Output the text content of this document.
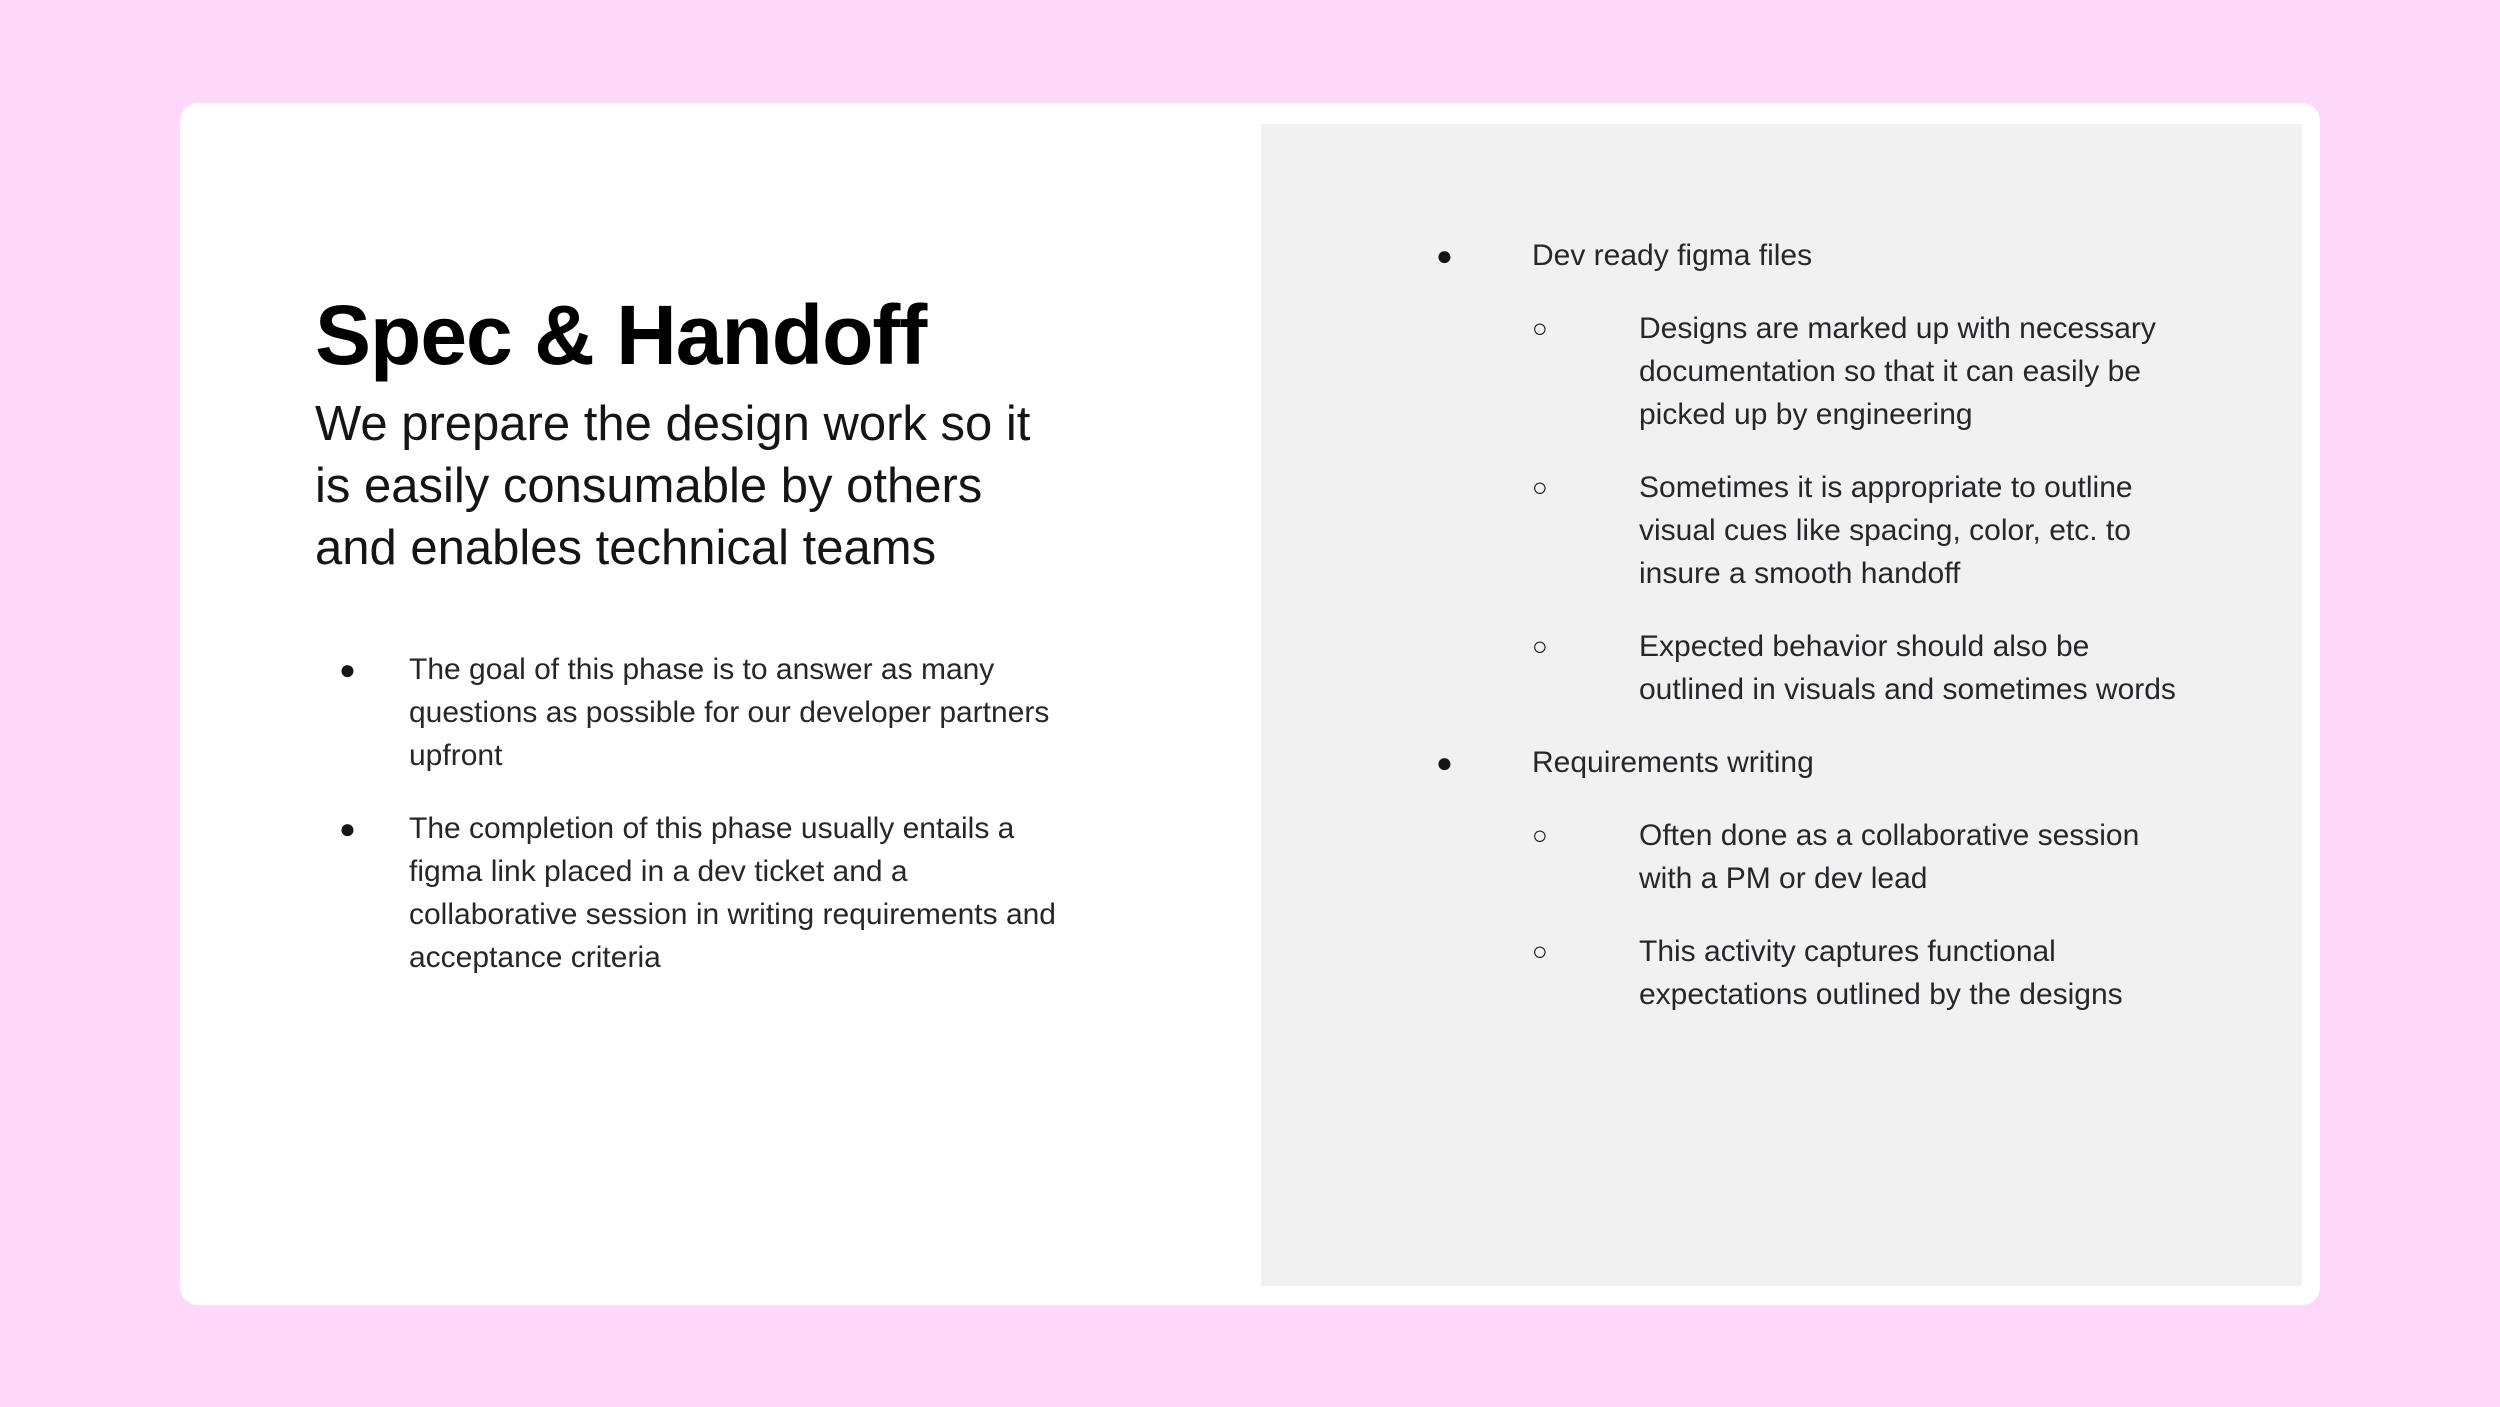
Spec & Handoff

We prepare the design work so it is easily consumable by others and enables technical teams

● The goal of this phase is to answer as many questions as possible for our developer partners upfront
● The completion of this phase usually entails a figma link placed in a dev ticket and a collaborative session in writing requirements and acceptance criteria
●	Dev ready figma files
○	Designs are marked up with necessary documentation so that it can easily be picked up by engineering
○	Sometimes it is appropriate to outline visual cues like spacing, color, etc. to insure a smooth handoff
○	Expected behavior should also be outlined in visuals and sometimes words
●	Requirements writing
○	Often done as a collaborative session with a PM or dev lead
○	This activity captures functional expectations outlined by the designs
